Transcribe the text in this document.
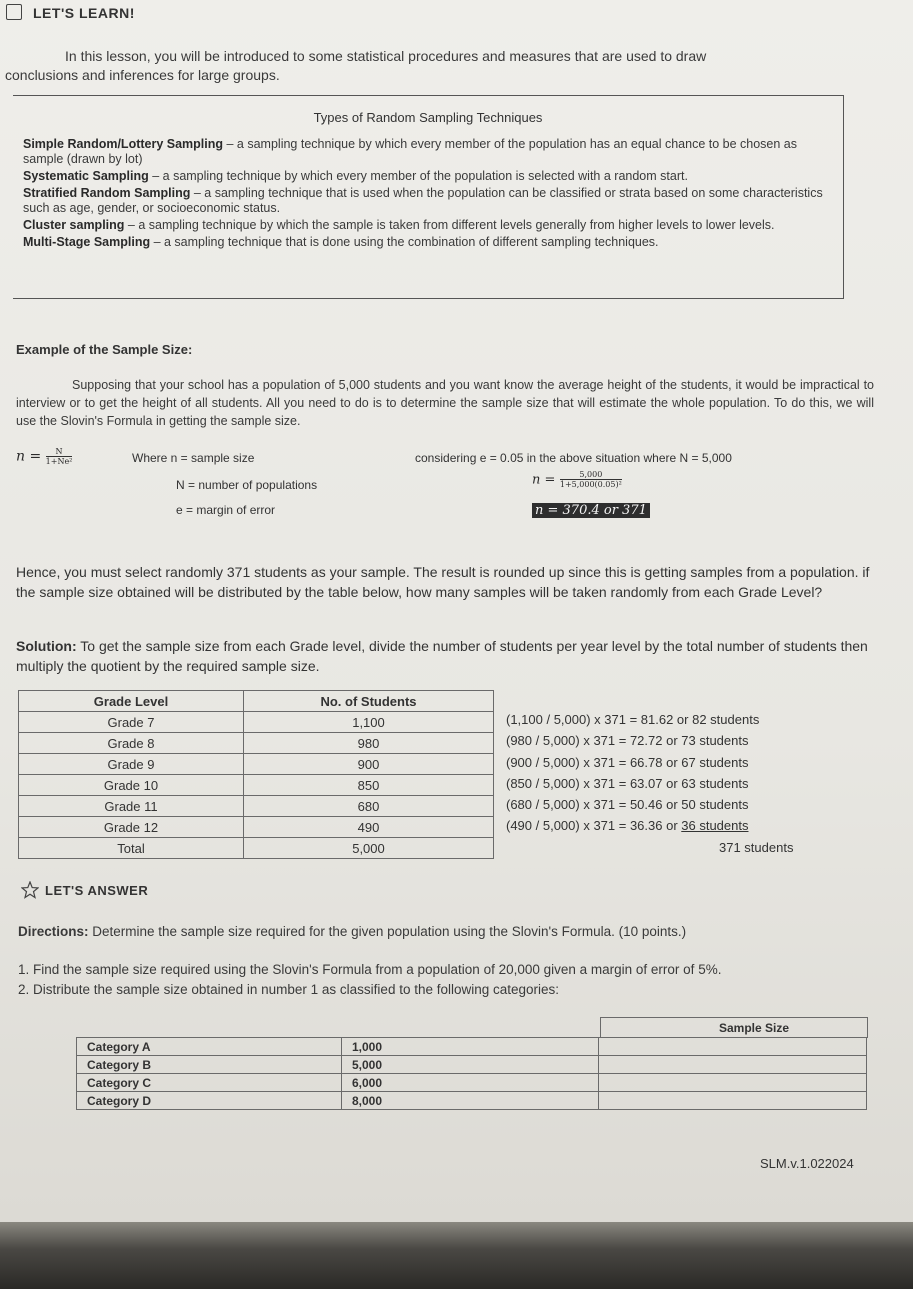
LET'S LEARN!

In this lesson, you will be introduced to some statistical procedures and measures that are used to draw

conclusions and inferences for large groups.

Types of Random Sampling Techniques

Simple Random/Lottery Sampling – a sampling technique by which every member of the population has an equal chance to be chosen as sample (drawn by lot)

Systematic Sampling – a sampling technique by which every member of the population is selected with a random start.

Stratified Random Sampling – a sampling technique that is used when the population can be classified or strata based on some characteristics such as age, gender, or socioeconomic status.

Cluster sampling – a sampling technique by which the sample is taken from different levels generally from higher levels to lower levels.

Multi-Stage Sampling – a sampling technique that is done using the combination of different sampling techniques.

Example of the Sample Size:

Supposing that your school has a population of 5,000 students and you want know the average height of the students, it would be impractical to interview or to get the height of all students. All you need to do is to determine the sample size that will estimate the whole population. To do this, we will use the Slovin's Formula in getting the sample size.

$n = \frac{N}{\text{1+Ne²}}$	Where n = sample size
N = number of populations
e = margin of error
considering e = 0.05 in the above situation where N = 5,000
$n = \frac{5,000}{\text{1+5,000(0.05)²}}$
n = 370.4 or 371

Hence, you must select randomly 371 students as your sample. The result is rounded up since this is getting samples from a population. if the sample size obtained will be distributed by the table below, how many samples will be taken randomly from each Grade Level?

Solution: To get the sample size from each Grade level, divide the number of students per year level by the total number of students then multiply the quotient by the required sample size.

Grade Level	No. of Students
Grade 7	1,100
Grade 8	980
Grade 9	900
Grade 10	850
Grade 11	680
Grade 12	490
Total	5,000
(1,100 / 5,000) x 371 = 81.62 or 82 students
(980 / 5,000) x 371 = 72.72 or 73 students
(900 / 5,000) x 371 = 66.78 or 67 students
(850 / 5,000) x 371 = 63.07 or 63 students
(680 / 5,000) x 371 = 50.46 or 50 students
(490 / 5,000) x 371 = 36.36 or 36 students
371 students
LET'S ANSWER

Directions: Determine the sample size required for the given population using the Slovin's Formula. (10 points.)

1. Find the sample size required using the Slovin's Formula from a population of 20,000 given a margin of error of 5%.

2. Distribute the sample size obtained in number 1 as classified to the following categories:

Sample Size
Category A	1,000	
Category B	5,000	
Category C	6,000	
Category D	8,000	
SLM.v.1.022024
